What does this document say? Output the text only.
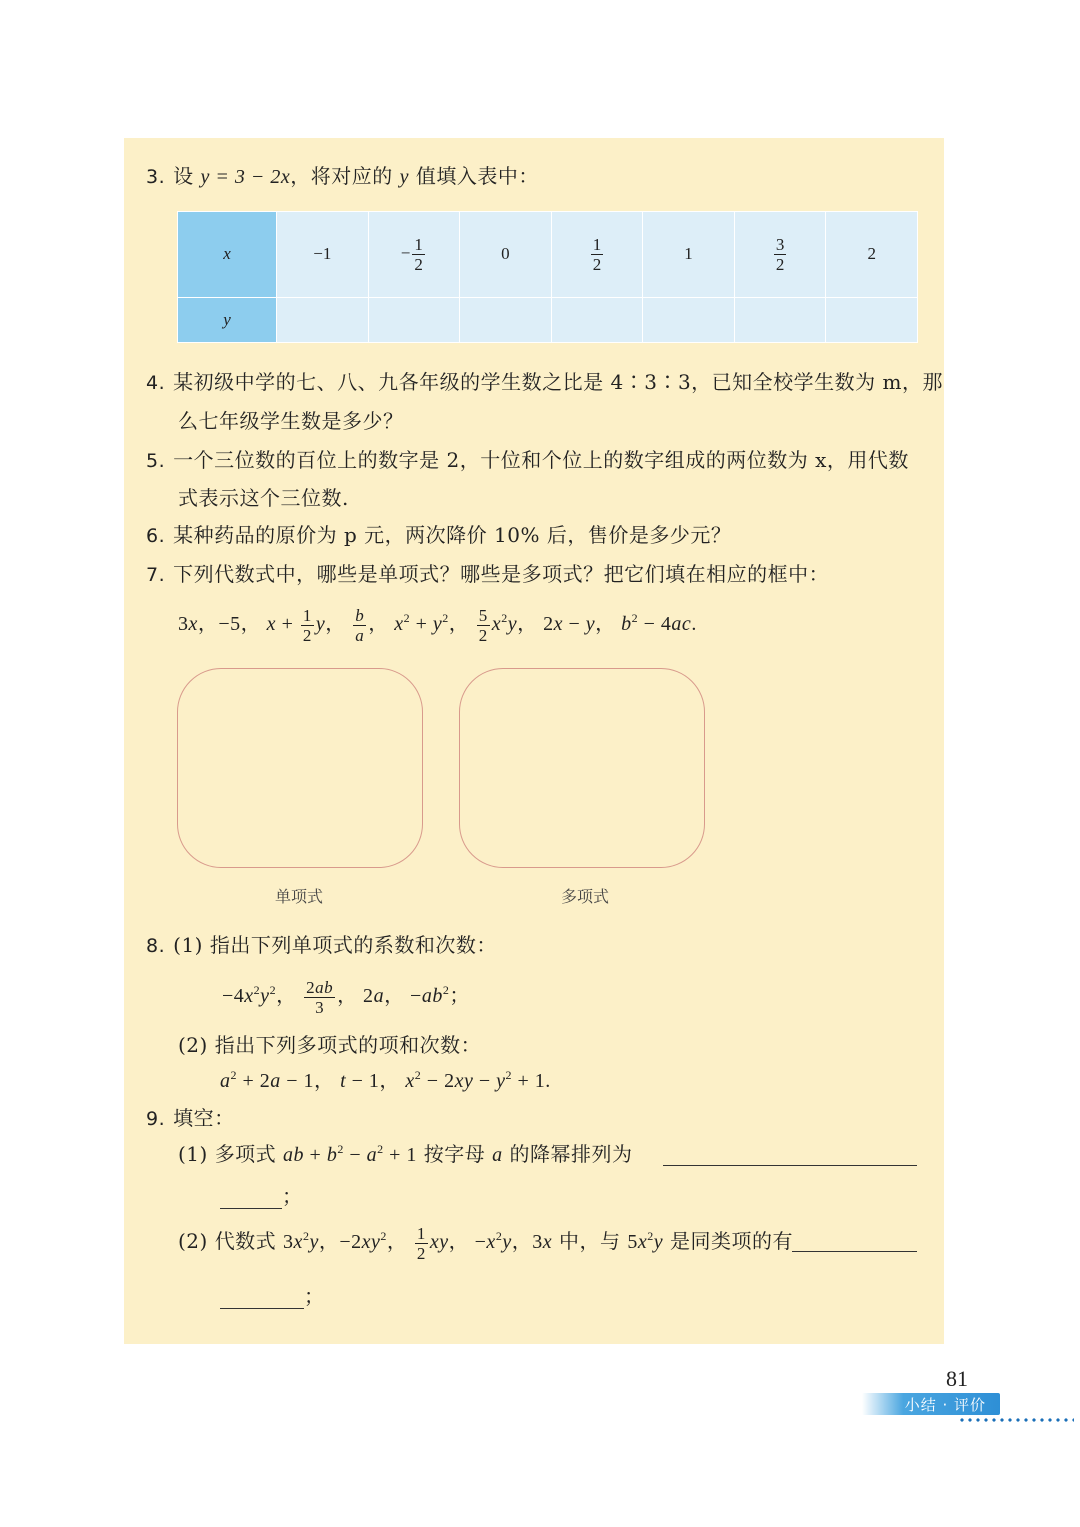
3. 设 y = 3 − 2x，将对应的 y 值填入表中：
x	−1	− $\frac{1}{2}$	0	$\frac{1}{2}$	1	$\frac{3}{2}$	2
y							
4. 某初级中学的七、八、九各年级的学生数之比是 4∶3∶3，已知全校学生数为 m，那
么七年级学生数是多少？
5. 一个三位数的百位上的数字是 2，十位和个位上的数字组成的两位数为 x，用代数
式表示这个三位数.
6. 某种药品的原价为 p 元，两次降价 10% 后，售价是多少元？
7. 下列代数式中，哪些是单项式？哪些是多项式？把它们填在相应的框中：
3x，−5， $x + \frac{1}{2}$ y， $\frac{b}{a}$ ， $x^2 + y^2$， $\frac{5}{2} x^2y$， 2x − y， $b^2 - 4ac$.
单项式	多项式
8. (1) 指出下列单项式的系数和次数：
$-4x^2y^2$， $\frac{2ab}{3}$ ， 2a， $-ab^2$；
(2) 指出下列多项式的项和次数：
$a^2 + 2a - 1$， t − 1， $x^2 - 2xy - y^2 + 1$.
9. 填空：
(1) 多项式 ab + $b^2 - a^2 + 1$ 按字母 a 的降幂排列为
；
(2) 代数式 $3x^2y$，$-2xy^2$， $\frac{1}{2}$ xy， $-x^2y$，3x 中，与 $5x^2y$ 是同类项的有
；
81
小结 · 评价
